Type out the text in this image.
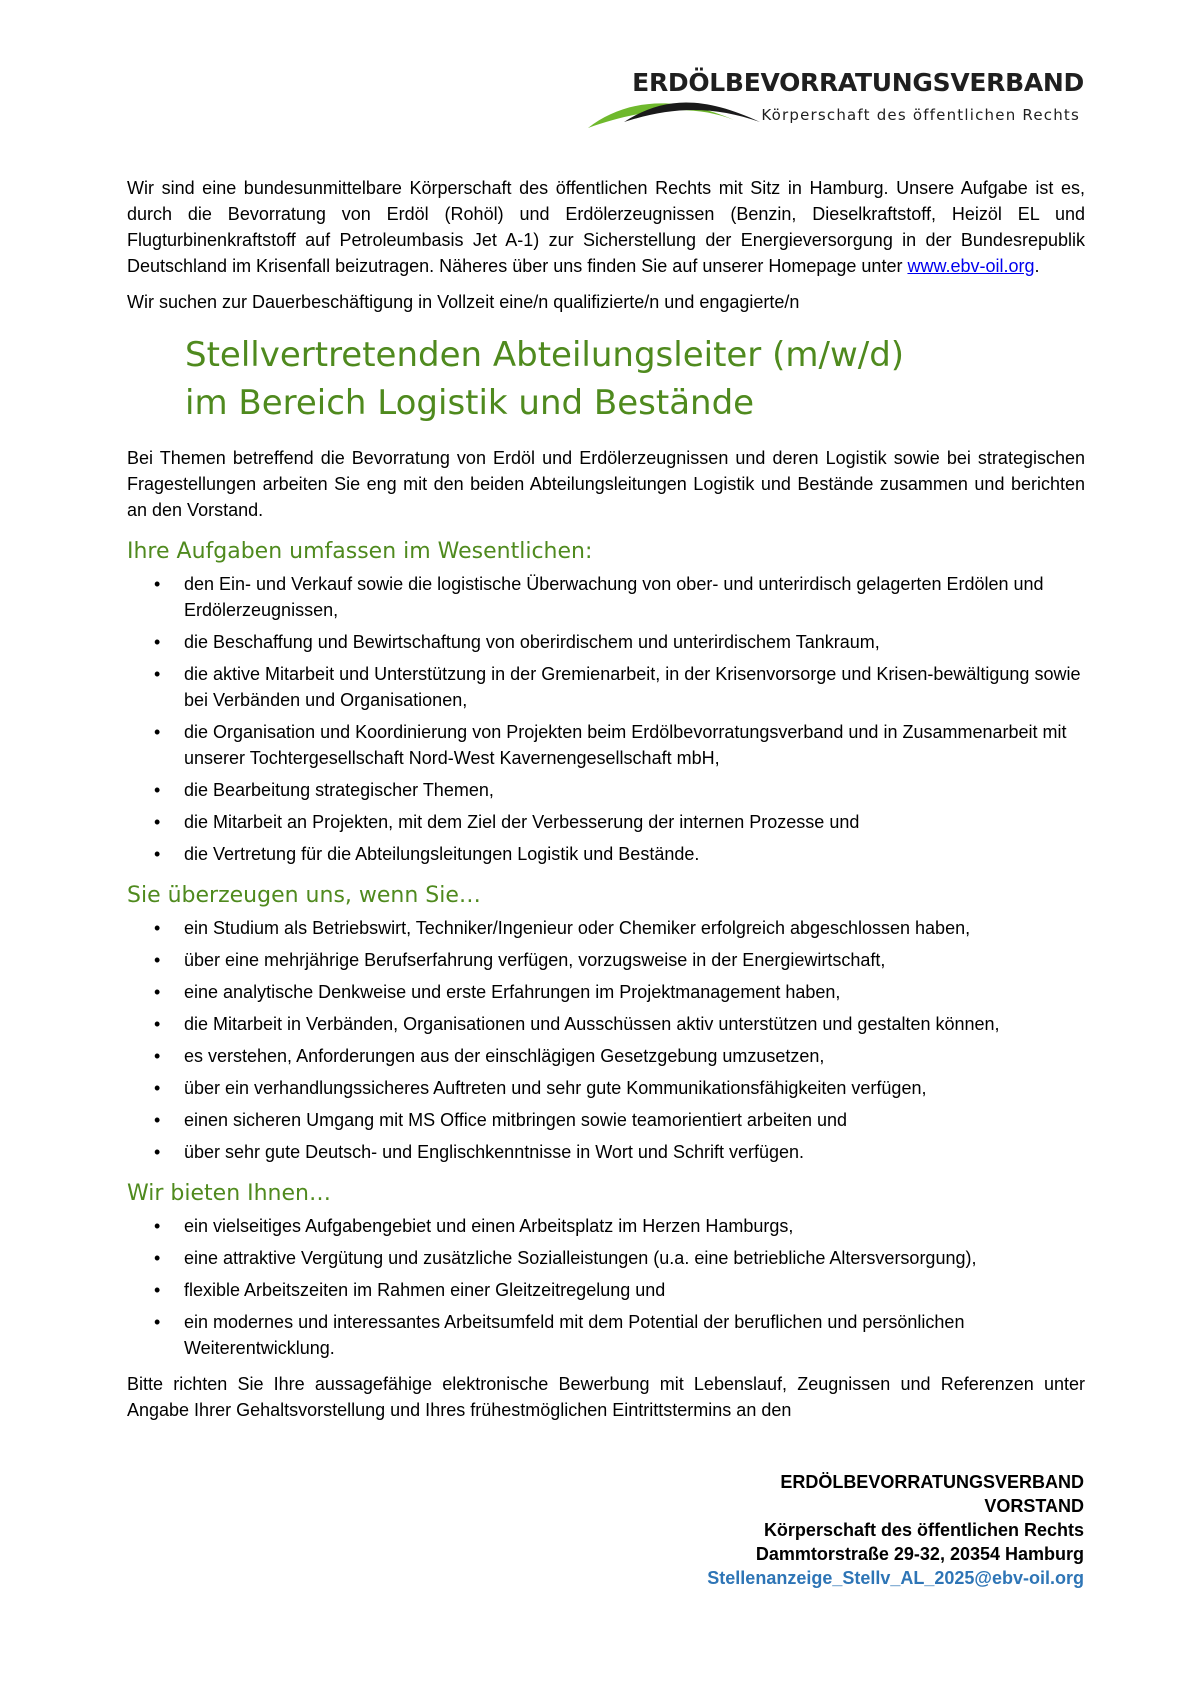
ERDÖLBEVORRATUNGSVERBAND
Körperschaft des öffentlichen Rechts

Wir sind eine bundesunmittelbare Körperschaft des öffentlichen Rechts mit Sitz in Hamburg. Unsere Aufgabe ist es, durch die Bevorratung von Erdöl (Rohöl) und Erdölerzeugnissen (Benzin, Dieselkraftstoff, Heizöl EL und Flugturbinenkraftstoff auf Petroleumbasis Jet A-1) zur Sicherstellung der Energieversorgung in der Bundesrepublik Deutschland im Krisenfall beizutragen. Näheres über uns finden Sie auf unserer Homepage unter www.ebv-oil.org.

Wir suchen zur Dauerbeschäftigung in Vollzeit eine/n qualifizierte/n und engagierte/n

Stellvertretenden Abteilungsleiter (m/w/d)
im Bereich Logistik und Bestände

Bei Themen betreffend die Bevorratung von Erdöl und Erdölerzeugnissen und deren Logistik sowie bei strategischen Fragestellungen arbeiten Sie eng mit den beiden Abteilungsleitungen Logistik und Bestände zusammen und berichten an den Vorstand.

Ihre Aufgaben umfassen im Wesentlichen:
• den Ein- und Verkauf sowie die logistische Überwachung von ober- und unterirdisch gelagerten Erdölen und Erdölerzeugnissen,
• die Beschaffung und Bewirtschaftung von oberirdischem und unterirdischem Tankraum,
• die aktive Mitarbeit und Unterstützung in der Gremienarbeit, in der Krisenvorsorge und Krisen-bewältigung sowie bei Verbänden und Organisationen,
• die Organisation und Koordinierung von Projekten beim Erdölbevorratungsverband und in Zusammenarbeit mit unserer Tochtergesellschaft Nord-West Kavernengesellschaft mbH,
• die Bearbeitung strategischer Themen,
• die Mitarbeit an Projekten, mit dem Ziel der Verbesserung der internen Prozesse und
• die Vertretung für die Abteilungsleitungen Logistik und Bestände.
Sie überzeugen uns, wenn Sie…
• ein Studium als Betriebswirt, Techniker/Ingenieur oder Chemiker erfolgreich abgeschlossen haben,
• über eine mehrjährige Berufserfahrung verfügen, vorzugsweise in der Energiewirtschaft,
• eine analytische Denkweise und erste Erfahrungen im Projektmanagement haben,
• die Mitarbeit in Verbänden, Organisationen und Ausschüssen aktiv unterstützen und gestalten können,
• es verstehen, Anforderungen aus der einschlägigen Gesetzgebung umzusetzen,
• über ein verhandlungssicheres Auftreten und sehr gute Kommunikationsfähigkeiten verfügen,
• einen sicheren Umgang mit MS Office mitbringen sowie teamorientiert arbeiten und
• über sehr gute Deutsch- und Englischkenntnisse in Wort und Schrift verfügen.
Wir bieten Ihnen…
• ein vielseitiges Aufgabengebiet und einen Arbeitsplatz im Herzen Hamburgs,
• eine attraktive Vergütung und zusätzliche Sozialleistungen (u.a. eine betriebliche Altersversorgung),
• flexible Arbeitszeiten im Rahmen einer Gleitzeitregelung und
• ein modernes und interessantes Arbeitsumfeld mit dem Potential der beruflichen und persönlichen Weiterentwicklung.

Bitte richten Sie Ihre aussagefähige elektronische Bewerbung mit Lebenslauf, Zeugnissen und Referenzen unter Angabe Ihrer Gehaltsvorstellung und Ihres frühestmöglichen Eintrittstermins an den

ERDÖLBEVORRATUNGSVERBAND
VORSTAND
Körperschaft des öffentlichen Rechts
Dammtorstraße 29-32, 20354 Hamburg
Stellenanzeige_Stellv_AL_2025@ebv-oil.org
